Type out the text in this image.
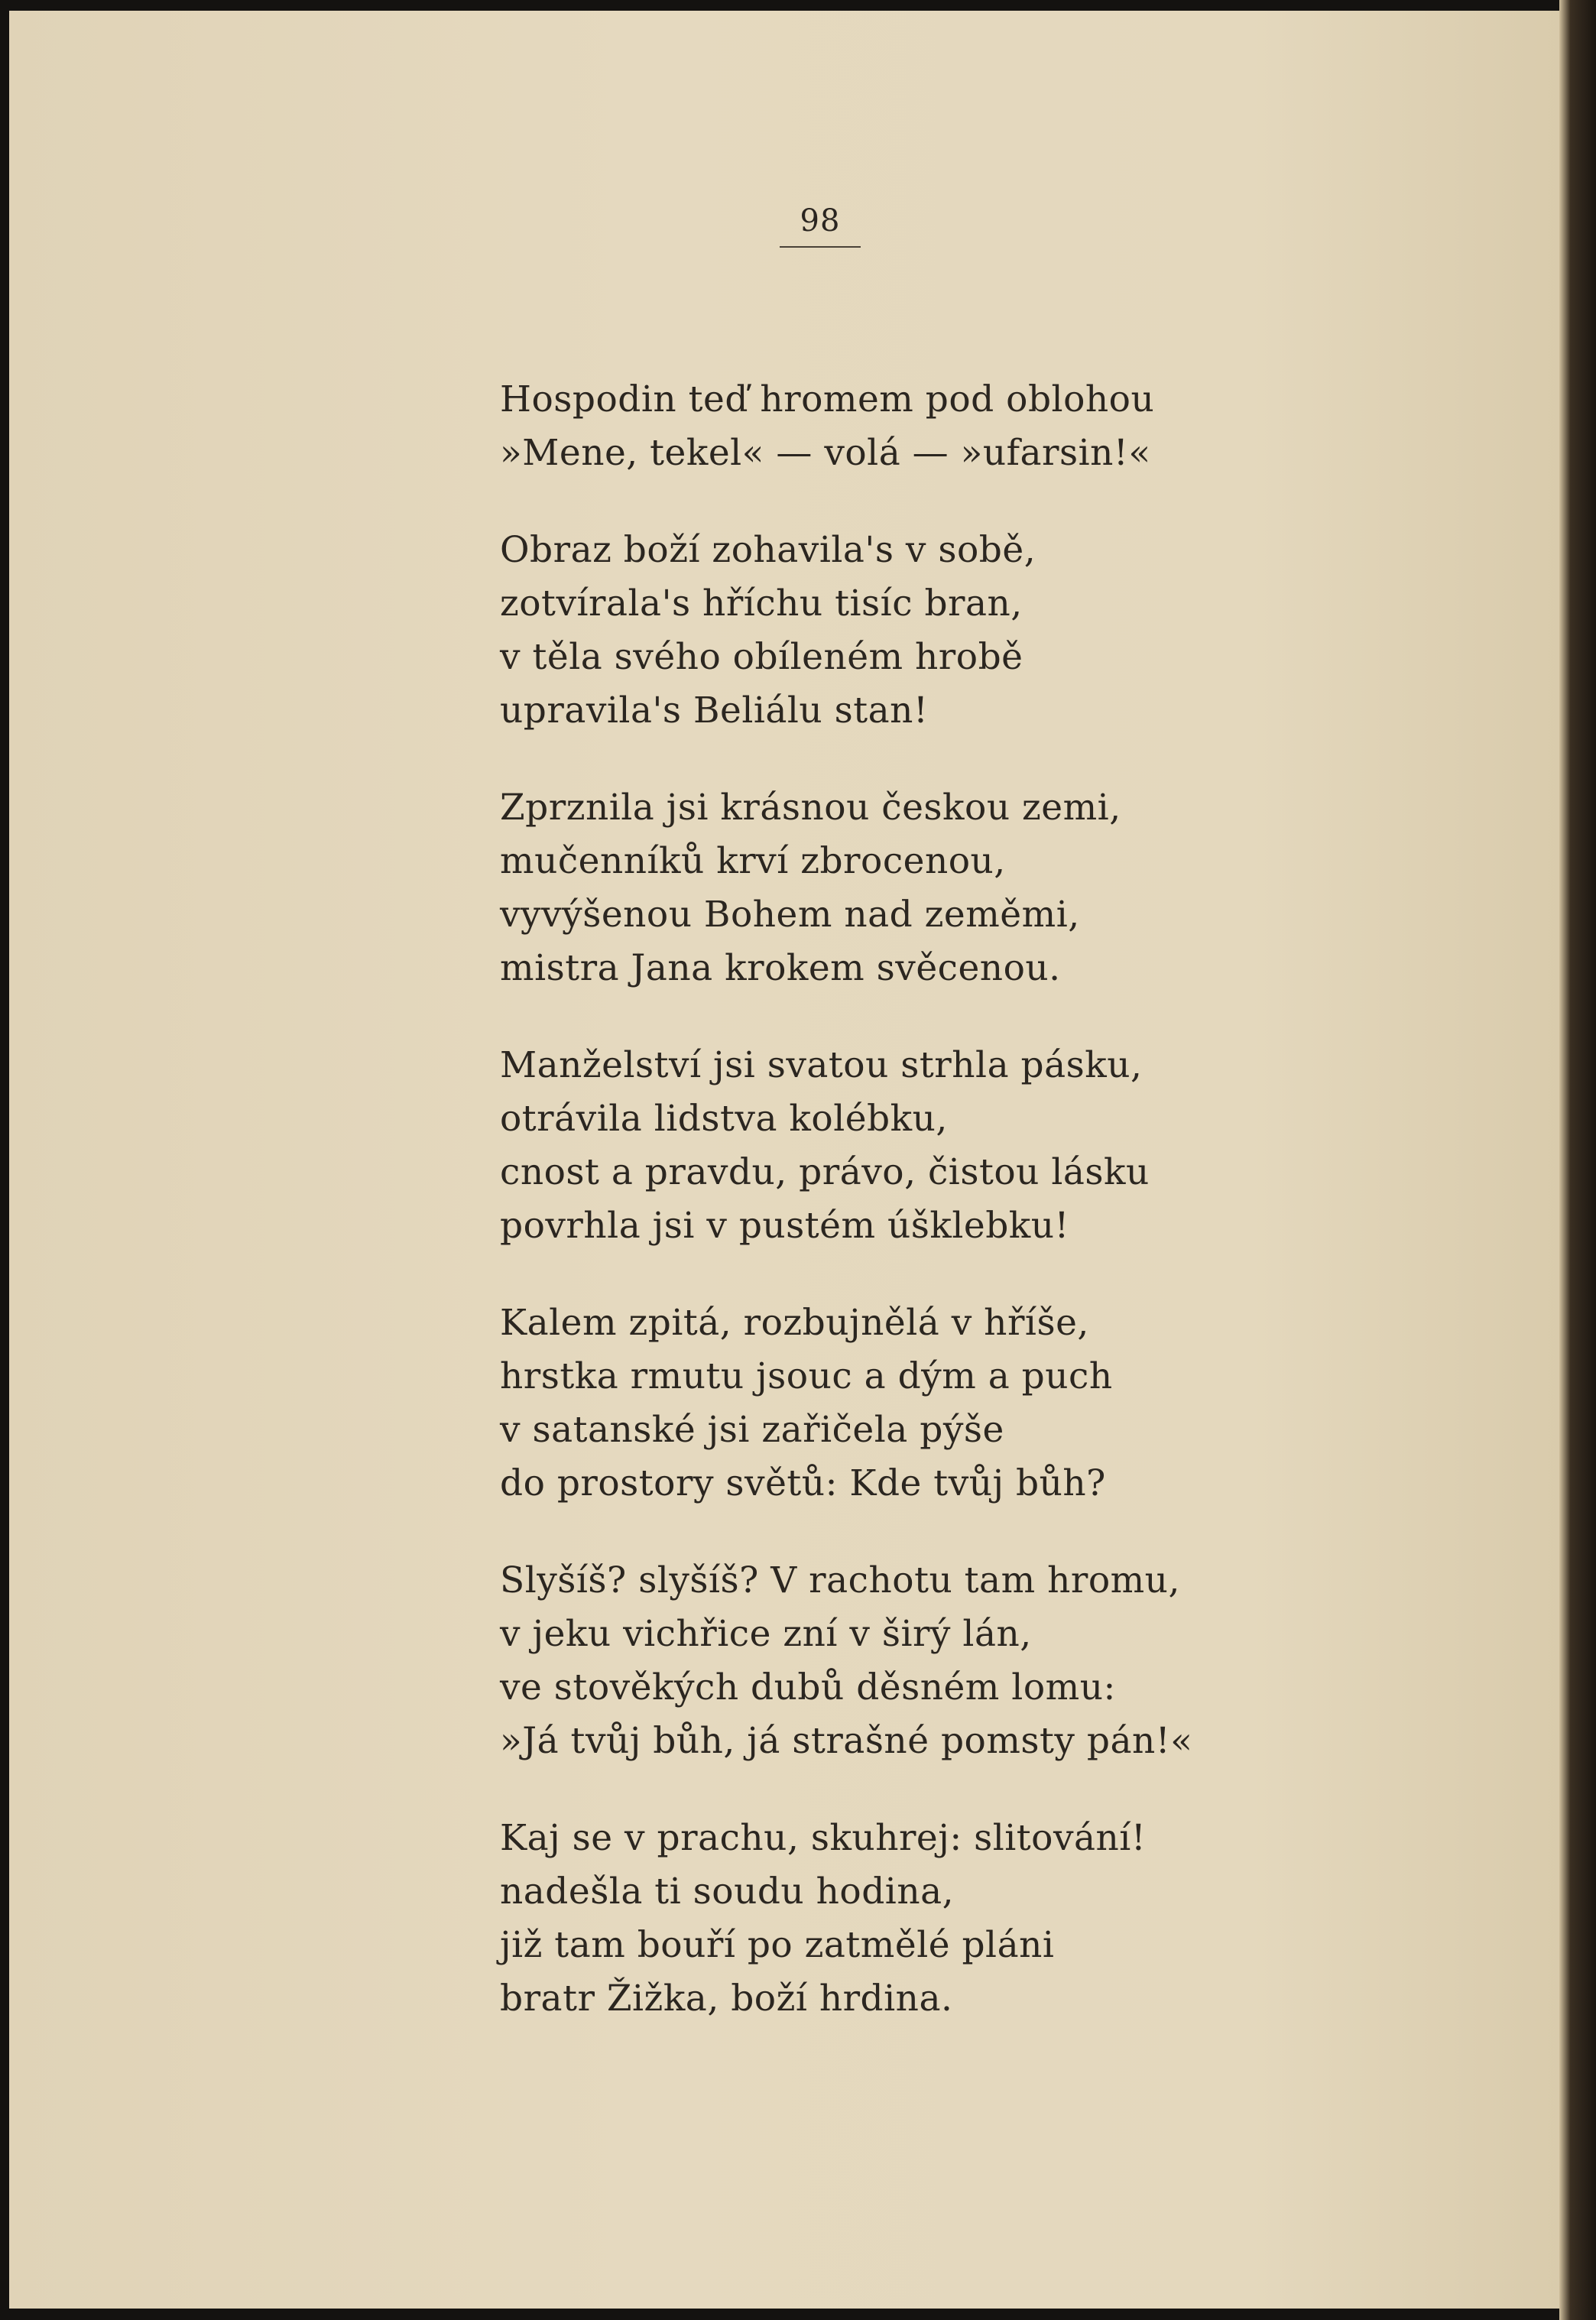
98
Hospodin teď hromem pod oblohou
»Mene, tekel« — volá — »ufarsin!«
Obraz boží zohavila's v sobě,
zotvírala's hříchu tisíc bran,
v těla svého obíleném hrobě
upravila's Beliálu stan!
Zprznila jsi krásnou českou zemi,
mučenníků krví zbrocenou,
vyvýšenou Bohem nad zeměmi,
mistra Jana krokem svěcenou.
Manželství jsi svatou strhla pásku,
otrávila lidstva kolébku,
cnost a pravdu, právo, čistou lásku
povrhla jsi v pustém úšklebku!
Kalem zpitá, rozbujnělá v hříše,
hrstka rmutu jsouc a dým a puch
v satanské jsi zařičela pýše
do prostory světů: Kde tvůj bůh?
Slyšíš? slyšíš? V rachotu tam hromu,
v jeku vichřice zní v širý lán,
ve stověkých dubů děsném lomu:
»Já tvůj bůh, já strašné pomsty pán!«
Kaj se v prachu, skuhrej: slitování!
nadešla ti soudu hodina,
již tam bouří po zatmělé pláni
bratr Žižka, boží hrdina.
